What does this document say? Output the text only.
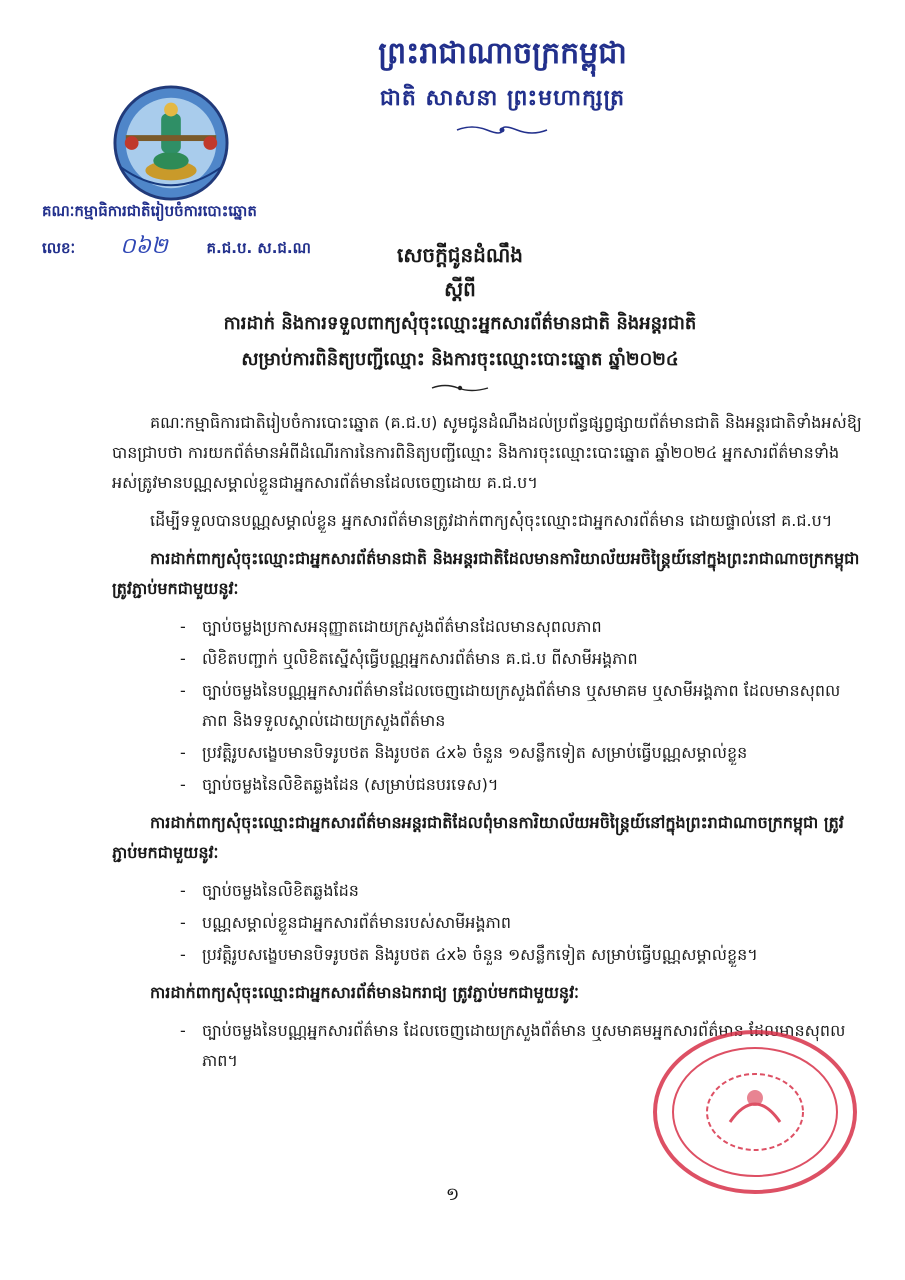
ព្រះរាជាណាចក្រកម្ពុជា
ជាតិ សាសនា ព្រះមហាក្សត្រ
គណៈកម្មាធិការជាតិរៀបចំការបោះឆ្នោត
លេខៈ ០៦២	គ.ជ.ប. ស.ជ.ណ	សេចក្ដីជូនដំណឹង
ស្ដីពី
ការដាក់ និងការទទួលពាក្យសុំចុះឈ្មោះអ្នកសារព័ត៌មានជាតិ និងអន្តរជាតិ
សម្រាប់ការពិនិត្យបញ្ជីឈ្មោះ និងការចុះឈ្មោះបោះឆ្នោត ឆ្នាំ២០២៤

គណៈកម្មាធិការជាតិរៀបចំការបោះឆ្នោត (គ.ជ.ប) សូមជូនដំណឹងដល់ប្រព័ន្ធផ្សព្វផ្សាយព័ត៌មានជាតិ និងអន្តរជាតិទាំងអស់ឱ្យបានជ្រាបថា ការយកព័ត៌មានអំពីដំណើរការនៃការពិនិត្យបញ្ជីឈ្មោះ និងការចុះឈ្មោះបោះឆ្នោត ឆ្នាំ២០២៤ អ្នកសារព័ត៌មានទាំងអស់ត្រូវមានបណ្ណសម្គាល់ខ្លួនជាអ្នកសារព័ត៌មានដែលចេញដោយ គ.ជ.ប។

ដើម្បីទទួលបានបណ្ណសម្គាល់ខ្លួន អ្នកសារព័ត៌មានត្រូវដាក់ពាក្យសុំចុះឈ្មោះជាអ្នកសារព័ត៌មាន ដោយផ្ទាល់នៅ គ.ជ.ប។

ការដាក់ពាក្យសុំចុះឈ្មោះជាអ្នកសារព័ត៌មានជាតិ និងអន្តរជាតិដែលមានការិយាល័យអចិន្ត្រៃយ៍នៅក្នុងព្រះរាជាណាចក្រកម្ពុជា ត្រូវភ្ជាប់មកជាមួយនូវៈ

- ច្បាប់ចម្លងប្រកាសអនុញ្ញាតដោយក្រសួងព័ត៌មានដែលមានសុពលភាព
- លិខិតបញ្ជាក់ ឬលិខិតស្នើសុំធ្វើបណ្ណអ្នកសារព័ត៌មាន គ.ជ.ប ពីសាមីអង្គភាព
- ច្បាប់ចម្លងនៃបណ្ណអ្នកសារព័ត៌មានដែលចេញដោយក្រសួងព័ត៌មាន ឬសមាគម ឬសាមីអង្គភាព ដែលមានសុពលភាព និងទទួលស្គាល់ដោយក្រសួងព័ត៌មាន
- ប្រវត្តិរូបសង្ខេបមានបិទរូបថត និងរូបថត ៤x៦ ចំនួន ១សន្លឹកទៀត សម្រាប់ធ្វើបណ្ណសម្គាល់ខ្លួន
- ច្បាប់ចម្លងនៃលិខិតឆ្លងដែន (សម្រាប់ជនបរទេស)។

ការដាក់ពាក្យសុំចុះឈ្មោះជាអ្នកសារព័ត៌មានអន្តរជាតិដែលពុំមានការិយាល័យអចិន្ត្រៃយ៍នៅក្នុងព្រះរាជាណាចក្រកម្ពុជា ត្រូវភ្ជាប់មកជាមួយនូវៈ

- ច្បាប់ចម្លងនៃលិខិតឆ្លងដែន
- បណ្ណសម្គាល់ខ្លួនជាអ្នកសារព័ត៌មានរបស់សាមីអង្គភាព
- ប្រវត្តិរូបសង្ខេបមានបិទរូបថត និងរូបថត ៤x៦ ចំនួន ១សន្លឹកទៀត សម្រាប់ធ្វើបណ្ណសម្គាល់ខ្លួន។

ការដាក់ពាក្យសុំចុះឈ្មោះជាអ្នកសារព័ត៌មានឯករាជ្យ ត្រូវភ្ជាប់មកជាមួយនូវៈ

- ច្បាប់ចម្លងនៃបណ្ណអ្នកសារព័ត៌មាន ដែលចេញដោយក្រសួងព័ត៌មាន ឬសមាគមអ្នកសារព័ត៌មាន ដែលមានសុពលភាព។
១
